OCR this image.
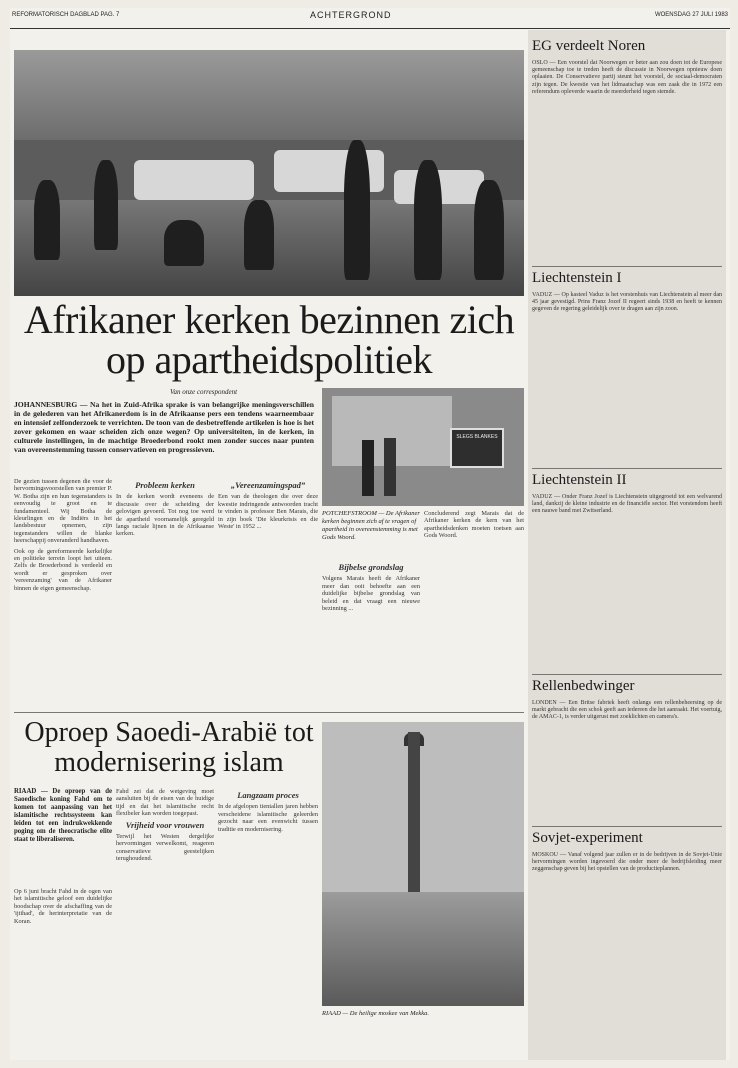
REFORMATORISCH DAGBLAD PAG. 7	ACHTERGROND	WOENSDAG 27 JULI 1983
Afrikaner kerken bezinnen zich op apartheidspolitiek
Van onze correspondent
JOHANNESBURG — Na het in Zuid-Afrika sprake is van belangrijke meningsverschillen in de gelederen van het Afrikanerdom is in de Afrikaanse pers een tendens waarneembaar en intensief zelfonderzoek te verrichten. De toon van de desbetreffende artikelen is hoe is het zover gekomen en waar scheiden zich onze wegen? Op universiteiten, in de kerken, in culturele instellingen, in de machtige Broederbond rookt men zonder succes naar punten van overeenstemming tussen conservatieven en progressieven.

De gezien tussen degenen die voor de hervormingsvoorstellen van premier P. W. Botha zijn en hun tegenstanders is eenvoudig te groot en te fundamenteel. Wij Botha de kleurlingen en de Indiërs in het landsbestuur opnemen, zijn tegenstanders willen de blanke heerschappij onveranderd handhaven.

Ook op de gereformeerde kerkelijke en politieke terrein loopt het uiteen. Zelfs de Broederbond is verdeeld en wordt er gesproken over 'vereenzaming' van de Afrikaner binnen de eigen gemeenschap.

Probleem kerken

In de kerken wordt eveneens de discussie over de scheiding der gelovigen gevoerd. Tot nog toe werd de apartheid voornamelijk geregeld langs raciale lijnen in de Afrikaanse kerken.

„Vereenzamingspad”

Een van de theologen die over deze kwestie indringende antwoorden tracht te vinden is professor Ben Marais, die in zijn boek 'Die kleurkrisis en die Weste' in 1952 ...

SLEGS BLANKES
POTCHEFSTROOM — De Afrikaner kerken beginnen zich af te vragen of apartheid in overeenstemming is met Gods Woord.

Concluderend zegt Marais dat de Afrikaner kerken de kern van het apartheidsdenken moeten toetsen aan Gods Woord.

Bijbelse grondslag

Volgens Marais heeft de Afrikaner meer dan ooit behoefte aan een duidelijke bijbelse grondslag van beleid en dat vraagt een nieuwe bezinning ...

Oproep Saoedi-Arabië tot modernisering islam
RIAAD — De oproep van de Saoedische koning Fahd om te komen tot aanpassing van het islamitische rechtssysteem kan leiden tot een indrukwekkende poging om de theocratische elite staat te liberaliseren.

Op 6 juni bracht Fahd in de ogen van het islamitische geloof een duidelijke boodschap over de afschaffing van de 'ijtihad', de herinterpretatie van de Koran.

Fahd zei dat de wetgeving moet aansluiten bij de eisen van de huidige tijd en dat het islamitische recht flexibeler kan worden toegepast.

Vrijheid voor vrouwen

Terwijl het Westen dergelijke hervormingen verwelkomt, reageren conservatieve geestelijken terughoudend.

Langzaam proces

In de afgelopen tientallen jaren hebben verscheidene islamitische geleerden gezocht naar een evenwicht tussen traditie en modernisering.

RIAAD — De heilige moskee van Mekka.
EG verdeelt Noren
OSLO — Een voorstel dat Noorwegen er beter aan zou doen tot de Europese gemeenschap toe te treden heeft de discussie in Noorwegen opnieuw doen oplaaien. De Conservatieve partij steunt het voorstel, de sociaal-democraten zijn tegen. De kwestie van het lidmaatschap was een zaak die in 1972 een referendum opleverde waarin de meerderheid tegen stemde.
Liechtenstein I
VADUZ — Op kasteel Vaduz is het vorstenhuis van Liechtenstein al meer dan 45 jaar gevestigd. Prins Franz Jozef II regeert sinds 1938 en heeft te kennen gegeven de regering geleidelijk over te dragen aan zijn zoon.
Liechtenstein II
VADUZ — Onder Franz Jozef is Liechtenstein uitgegroeid tot een welvarend land, dankzij de kleine industrie en de financiële sector. Het vorstendom heeft een nauwe band met Zwitserland.
Rellenbedwinger
LONDEN — Een Britse fabriek heeft onlangs een rellenbeheersing op de markt gebracht die een schok geeft aan iedereen die het aanraakt. Het voertuig, de AMAC-1, is verder uitgerust met zoeklichten en camera's.
Sovjet-experiment
MOSKOU — Vanaf volgend jaar zullen er in de bedrijven in de Sovjet-Unie hervormingen worden ingevoerd die onder meer de bedrijfsleiding meer zeggenschap geven bij het opstellen van de productieplannen.
